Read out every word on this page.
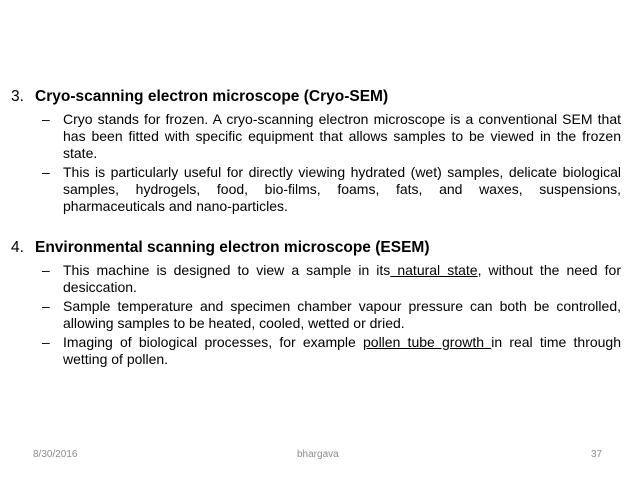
3. Cryo-scanning electron microscope (Cryo-SEM)
– Cryo stands for frozen. A cryo-scanning electron microscope is a conventional SEM that has been fitted with specific equipment that allows samples to be viewed in the frozen state.
– This is particularly useful for directly viewing hydrated (wet) samples, delicate biological samples, hydrogels, food, bio-films, foams, fats, and waxes, suspensions, pharmaceuticals and nano-particles.
4. Environmental scanning electron microscope (ESEM)
– This machine is designed to view a sample in its natural state, without the need for desiccation.
– Sample temperature and specimen chamber vapour pressure can both be controlled, allowing samples to be heated, cooled, wetted or dried.
– Imaging of biological processes, for example pollen tube growth in real time through wetting of pollen.
8/30/2016	bhargava	37
